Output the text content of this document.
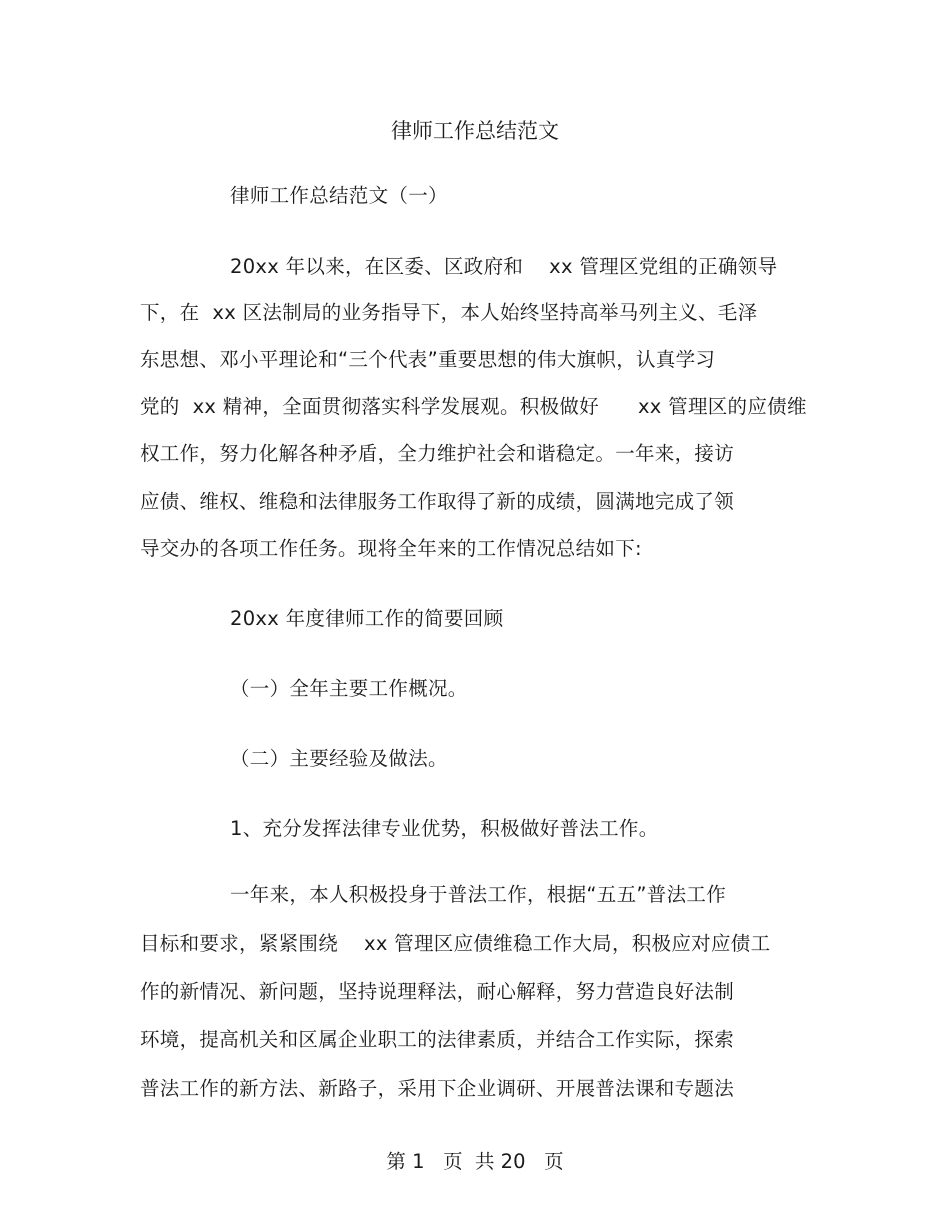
律师工作总结范文
律师工作总结范文（一）
20xx 年以来，在区委、区政府和    xx 管理区党组的正确领导
下，在  xx 区法制局的业务指导下，本人始终坚持高举马列主义、毛泽
东思想、邓小平理论和“三个代表”重要思想的伟大旗帜，认真学习
党的  xx 精神，全面贯彻落实科学发展观。积极做好      xx 管理区的应债维
权工作，努力化解各种矛盾，全力维护社会和谐稳定。一年来，接访
应债、维权、维稳和法律服务工作取得了新的成绩，圆满地完成了领
导交办的各项工作任务。现将全年来的工作情况总结如下:
20xx 年度律师工作的简要回顾
（一）全年主要工作概况。
（二）主要经验及做法。
1、充分发挥法律专业优势，积极做好普法工作。
一年来，本人积极投身于普法工作，根据“五五”普法工作
目标和要求，紧紧围绕    xx 管理区应债维稳工作大局，积极应对应债工
作的新情况、新问题，坚持说理释法，耐心解释，努力营造良好法制
环境，提高机关和区属企业职工的法律素质，并结合工作实际，探索
普法工作的新方法、新路子，采用下企业调研、开展普法课和专题法
第 1   页  共 20   页
